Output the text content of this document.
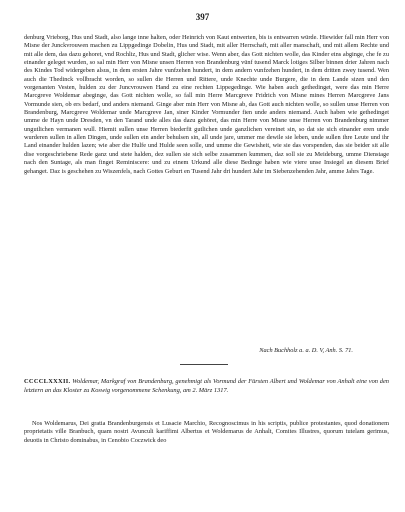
397

denburg Vrieborg, Hus und Stadt, also lange inne halten, oder Heinrich von Kaut entwerten, bis is entwarren würde. Hiewider fall min Herr von Misne der Junckvrouwen machen zu Lippgedinge Dobelin, Hus und Stadt, mit aller Herrschaft, mit aller manschaft, und mit allem Rechte und mit alle dem, das dazu gehoret, vnd Rochliz, Hus und Stadt, glicher wise. Wenn aber, das Gott nichten wolle, das Kinder eins abginge, che fe zu einander geleget wurden, so sal min Herr von Misne unsen Herren von Brandenburg vünf tusend Marck lotiges Silber binnen drier Jahren nach des Kindes Tod widergeben alsus, in dem ersten Jahre vunfzehen hundert, in dem andern vunfzehen hundert, in dem dritten zwey tusend. Wen auch die Thedinck vollbracht worden, so sullen die Herren und Rittere, unde Knechte unde Burgere, die in dem Lande sizen und den vorgenanten Vesten, hulden zu der Juncvrouwen Hand zu eine rechten Lippegedinge. Wie haben auch gethedinget, were das min Herre Marcgreve Woldemar abeginge, das Gott nichten wolle, so fall min Herre Marcgreve Fridrich von Misne mines Herren Marcgreve Jans Vormunde sien, ob ers bedarf, und anders niemand. Ginge aber min Herr von Misne ab, das Gott auch nichten wolle, so sullen unse Herren von Brandenburg, Marcgreve Woldemar unde Marcgreve Jan, siner Kinder Vormunder fien unde anders niemand. Auch haben wie gethedinget umme de Hayn unde Dresden, vn den Tarand unde alles das dazu gehöret, das min Herre von Misne unse Herren von Brandenburg nimmer ungutlichen vermanen wull. Hiemit sullen unse Herren biederfit gutlichen unde ganzlichen vereinet sin, so dat sie sich einander eren unde wurderen sullen in allen Dingen, unde sullen ein ander behulsen sin, all unde jare, ummer me dewile sie leben, unde sullen ihre Leute und ihr Land einander hulden lazen; wie aber die Hulfe und Hulde seen solle, und umme die Gewisheit, wie sie das vorspenden, das sie beider sit alle dise vorgeschriebene Rede ganz und stete halden, dez sullen sie sich selbe zusammen kummen, daz soll sie zu Meideburg, umme Dienstage nach den Suntage, als man finget Reminiscere: und zu einem Urkund alle diese Bedinge haben wie viere unse Insiegel an diesem Brief gehanget. Daz is geschehen zu Wiszenfels, nach Gottes Geburt en Tusend Jahr dri hundert Jahr im Siebenzehenden Jahr, amme Jahrs Tage.

Nach Buchholz a. a. D. V, Anh. S. 71.
CCCCLXXXII. Woldemar, Markgraf von Brandenburg, genehmigt als Vormund der Fürsten Albert und Woldemar von Anhalt eine von den letztern an das Kloster zu Koswig vorgenommene Schenkung, am 2. März 1317.

Nos Woldemarus, Dei gratia Brandenburgensis et Lusacie Marchio, Recognoscimus in his scriptis, publice protestantes, quod donationem proprietatis ville Branbuch, quam nostri Avunculi kariffimi Albertus et Woldemarus de Anhalt, Comites Illustres, quorum tutelam gerimus, deuotis in Christo dominabus, in Cenobio Coczwick deo
